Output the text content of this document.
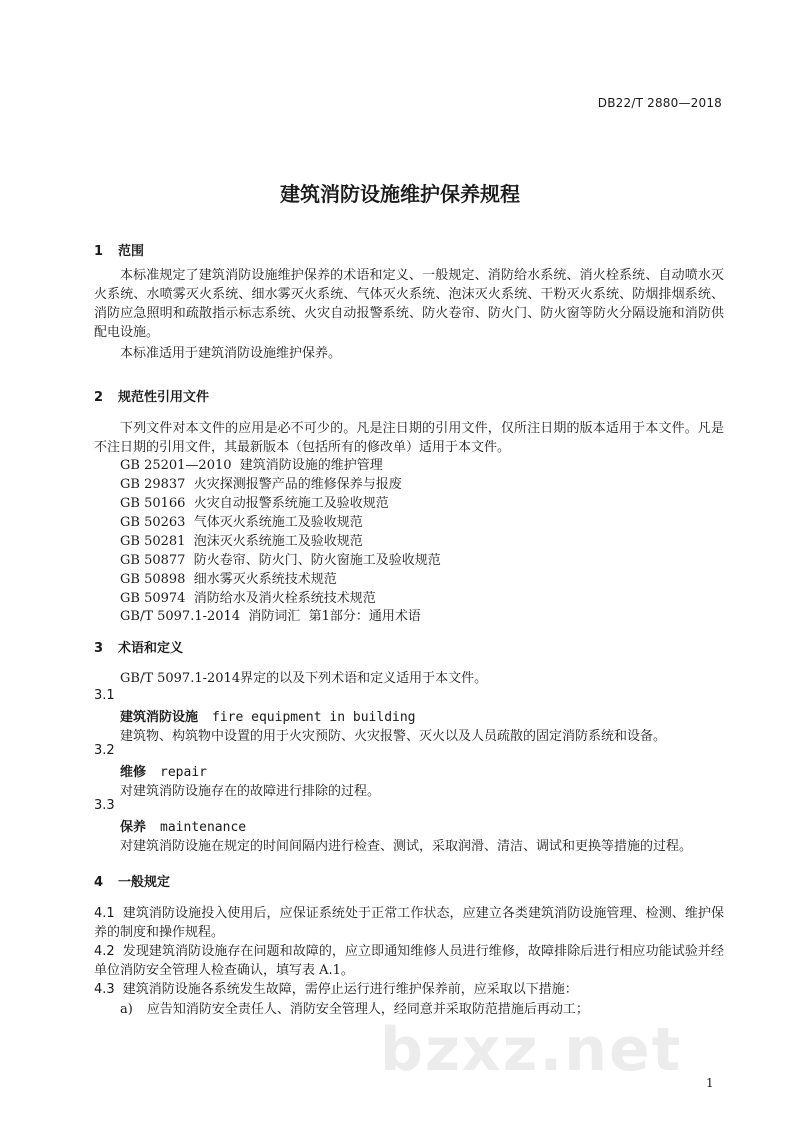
DB22/T 2880—2018
建筑消防设施维护保养规程
1 范围
本标准规定了建筑消防设施维护保养的术语和定义、一般规定、消防给水系统、消火栓系统、自动喷水灭火系统、水喷雾灭火系统、细水雾灭火系统、气体灭火系统、泡沫灭火系统、干粉灭火系统、防烟排烟系统、消防应急照明和疏散指示标志系统、火灾自动报警系统、防火卷帘、防火门、防火窗等防火分隔设施和消防供配电设施。
本标准适用于建筑消防设施维护保养。
2 规范性引用文件
下列文件对本文件的应用是必不可少的。凡是注日期的引用文件，仅所注日期的版本适用于本文件。凡是不注日期的引用文件，其最新版本（包括所有的修改单）适用于本文件。
GB 25201—2010  建筑消防设施的维护管理
GB 29837  火灾探测报警产品的维修保养与报废
GB 50166  火灾自动报警系统施工及验收规范
GB 50263  气体灭火系统施工及验收规范
GB 50281  泡沫灭火系统施工及验收规范
GB 50877  防火卷帘、防火门、防火窗施工及验收规范
GB 50898  细水雾灭火系统技术规范
GB 50974  消防给水及消火栓系统技术规范
GB/T 5097.1-2014  消防词汇  第1部分：通用术语
3 术语和定义
GB/T 5097.1-2014界定的以及下列术语和定义适用于本文件。
3.1
建筑消防设施 fire equipment in building
建筑物、构筑物中设置的用于火灾预防、火灾报警、灭火以及人员疏散的固定消防系统和设备。
3.2
维修 repair
对建筑消防设施存在的故障进行排除的过程。
3.3
保养 maintenance
对建筑消防设施在规定的时间间隔内进行检查、测试，采取润滑、清洁、调试和更换等措施的过程。
4 一般规定
4.1 建筑消防设施投入使用后，应保证系统处于正常工作状态，应建立各类建筑消防设施管理、检测、维护保养的制度和操作规程。
4.2 发现建筑消防设施存在问题和故障的，应立即通知维修人员进行维修，故障排除后进行相应功能试验并经单位消防安全管理人检查确认，填写表 A.1。
4.3 建筑消防设施各系统发生故障，需停止运行进行维护保养前，应采取以下措施：
bzxz.net
a) 应告知消防安全责任人、消防安全管理人，经同意并采取防范措施后再动工；
1
